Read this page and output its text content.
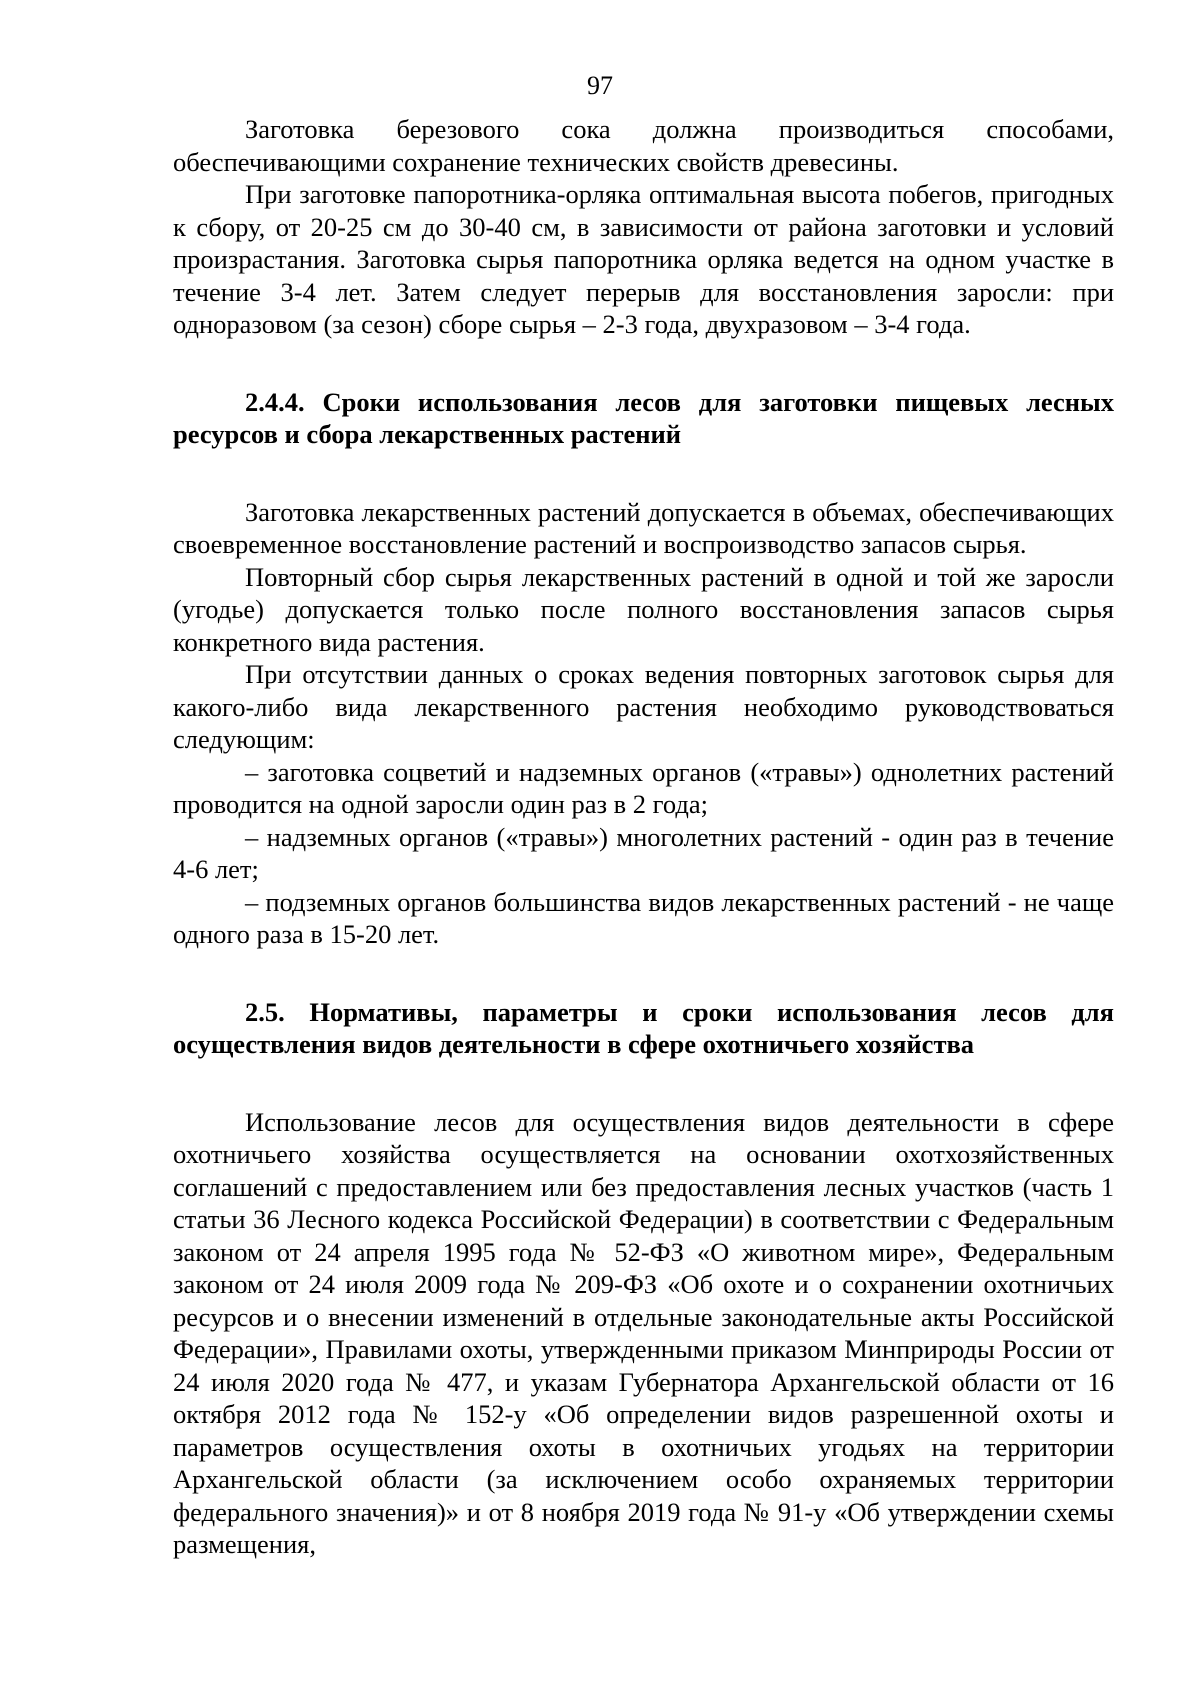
97

Заготовка березового сока должна производиться способами, обеспечивающими сохранение технических свойств древесины.

При заготовке папоротника-орляка оптимальная высота побегов, пригодных к сбору, от 20-25 см до 30-40 см, в зависимости от района заготовки и условий произрастания. Заготовка сырья папоротника орляка ведется на одном участке в течение 3-4 лет. Затем следует перерыв для восстановления заросли: при одноразовом (за сезон) сборе сырья – 2-3 года, двухразовом – 3-4 года.

2.4.4. Сроки использования лесов для заготовки пищевых лесных ресурсов и сбора лекарственных растений

Заготовка лекарственных растений допускается в объемах, обеспечивающих своевременное восстановление растений и воспроизводство запасов сырья.

Повторный сбор сырья лекарственных растений в одной и той же заросли (угодье) допускается только после полного восстановления запасов сырья конкретного вида растения.

При отсутствии данных о сроках ведения повторных заготовок сырья для какого-либо вида лекарственного растения необходимо руководствоваться следующим:

– заготовка соцветий и надземных органов («травы») однолетних растений проводится на одной заросли один раз в 2 года;

– надземных органов («травы») многолетних растений - один раз в течение 4-6 лет;

– подземных органов большинства видов лекарственных растений - не чаще одного раза в 15-20 лет.

2.5. Нормативы, параметры и сроки использования лесов для осуществления видов деятельности в сфере охотничьего хозяйства

Использование лесов для осуществления видов деятельности в сфере охотничьего хозяйства осуществляется на основании охотхозяйственных соглашений с предоставлением или без предоставления лесных участков (часть 1 статьи 36 Лесного кодекса Российской Федерации) в соответствии с Федеральным законом от 24 апреля 1995 года № 52-ФЗ «О животном мире», Федеральным законом от 24 июля 2009 года № 209-ФЗ «Об охоте и о сохранении охотничьих ресурсов и о внесении изменений в отдельные законодательные акты Российской Федерации», Правилами охоты, утвержденными приказом Минприроды России от 24 июля 2020 года № 477, и указам Губернатора Архангельской области от 16 октября 2012 года № 152-у «Об определении видов разрешенной охоты и параметров осуществления охоты в охотничьих угодьях на территории Архангельской области (за исключением особо охраняемых территории федерального значения)» и от 8 ноября 2019 года № 91-у «Об утверждении схемы размещения,
